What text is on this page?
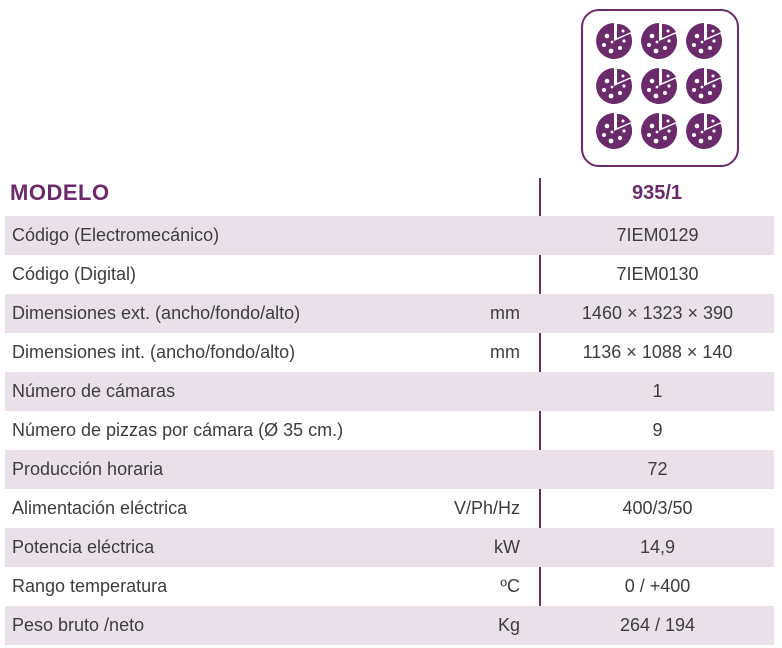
MODELO	935/1
Código (Electromecánico)	7IEM0129
Código (Digital)	7IEM0130
Dimensiones ext. (ancho/fondo/alto)	mm	1460 × 1323 × 390
Dimensiones int. (ancho/fondo/alto)	mm	1136 × 1088 × 140
Número de cámaras	1
Número de pizzas por cámara (Ø 35 cm.)	9
Producción horaria	72
Alimentación eléctrica	V/Ph/Hz	400/3/50
Potencia eléctrica	kW	14,9
Rango temperatura	ºC	0 / +400
Peso bruto /neto	Kg	264 / 194
